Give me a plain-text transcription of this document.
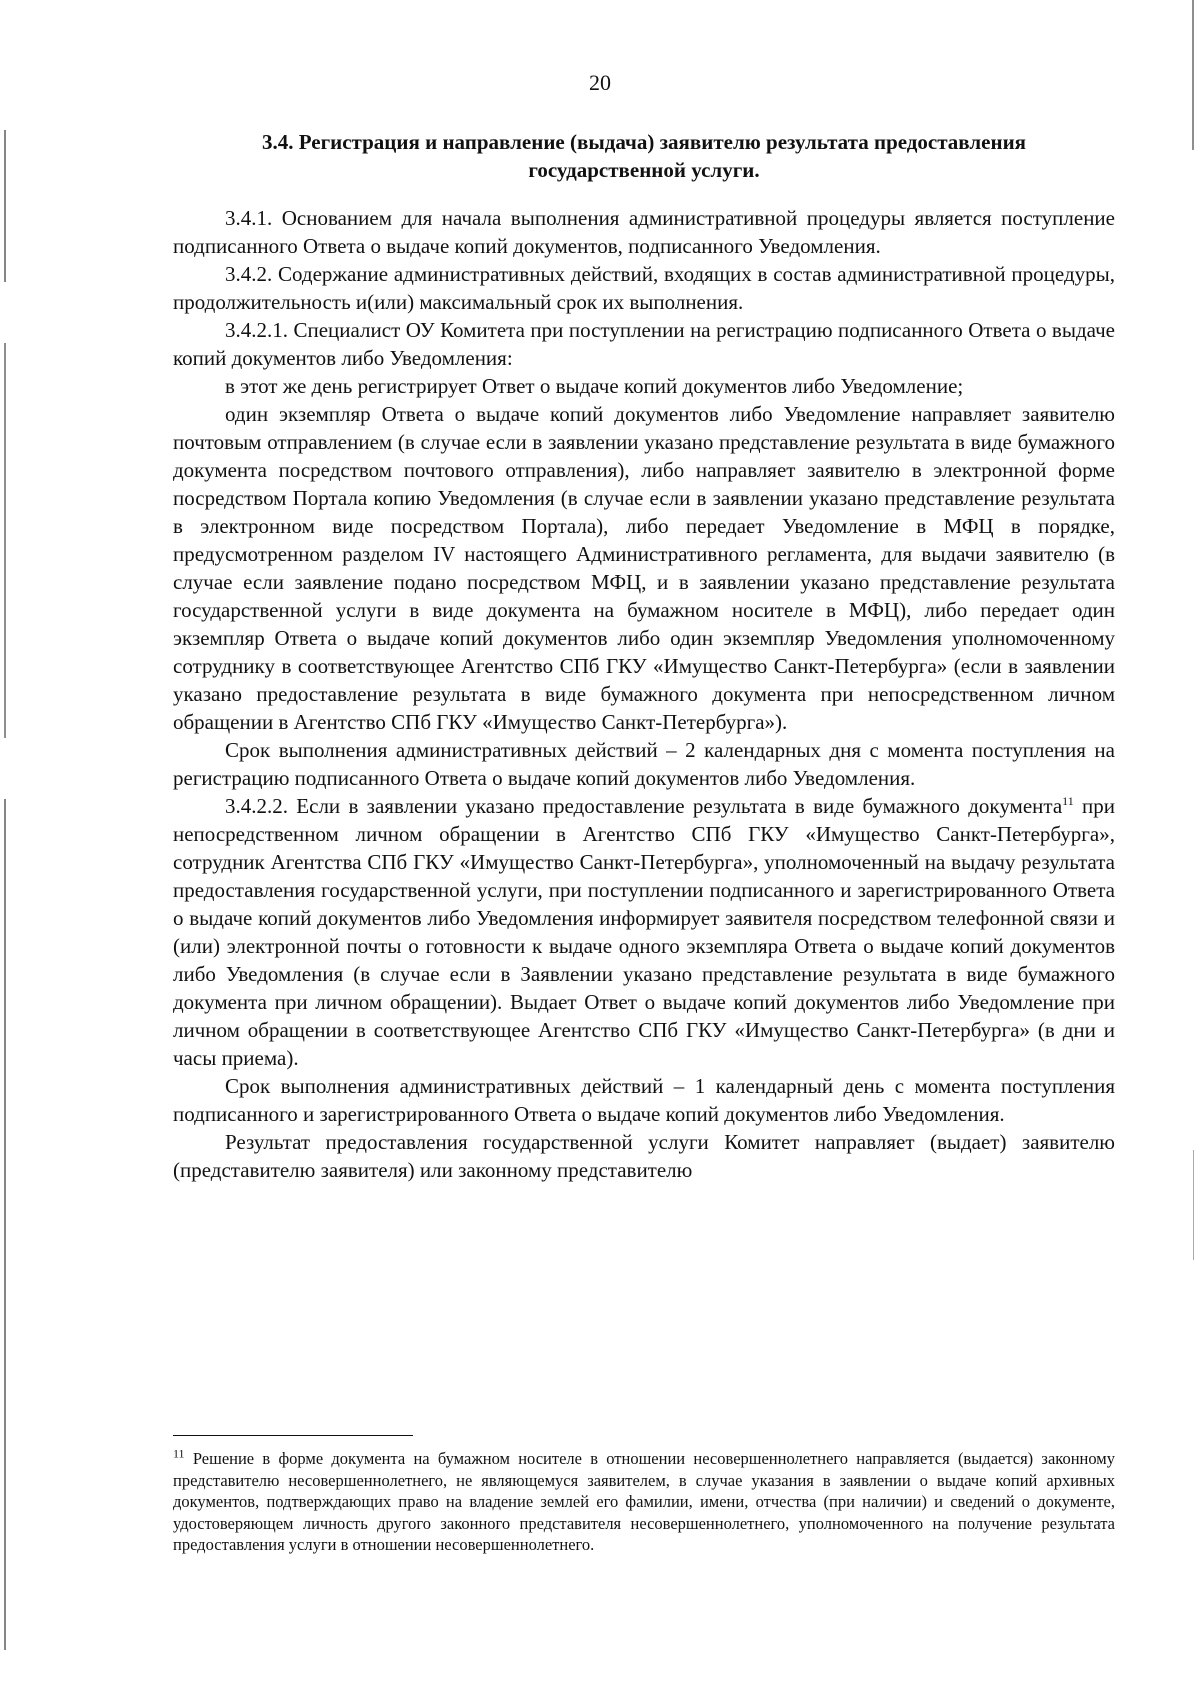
20
3.4. Регистрация и направление (выдача) заявителю результата предоставления
государственной услуги.

3.4.1. Основанием для начала выполнения административной процедуры является поступление подписанного Ответа о выдаче копий документов, подписанного Уведомления.

3.4.2. Содержание административных действий, входящих в состав административной процедуры, продолжительность и(или) максимальный срок их выполнения.

3.4.2.1. Специалист ОУ Комитета при поступлении на регистрацию подписанного Ответа о выдаче копий документов либо Уведомления:

в этот же день регистрирует Ответ о выдаче копий документов либо Уведомление;

один экземпляр Ответа о выдаче копий документов либо Уведомление направляет заявителю почтовым отправлением (в случае если в заявлении указано представление результата в виде бумажного документа посредством почтового отправления), либо направляет заявителю в электронной форме посредством Портала копию Уведомления (в случае если в заявлении указано представление результата в электронном виде посредством Портала), либо передает Уведомление в МФЦ в порядке, предусмотренном разделом IV настоящего Административного регламента, для выдачи заявителю (в случае если заявление подано посредством МФЦ, и в заявлении указано представление результата государственной услуги в виде документа на бумажном носителе в МФЦ), либо передает один экземпляр Ответа о выдаче копий документов либо один экземпляр Уведомления уполномоченному сотруднику в соответствующее Агентство СПб ГКУ «Имущество Санкт-Петербурга» (если в заявлении указано предоставление результата в виде бумажного документа при непосредственном личном обращении в Агентство СПб ГКУ «Имущество Санкт-Петербурга»).

Срок выполнения административных действий – 2 календарных дня с момента поступления на регистрацию подписанного Ответа о выдаче копий документов либо Уведомления.

3.4.2.2. Если в заявлении указано предоставление результата в виде бумажного документа$^{11}$ при непосредственном личном обращении в Агентство СПб ГКУ «Имущество Санкт-Петербурга», сотрудник Агентства СПб ГКУ «Имущество Санкт-Петербурга», уполномоченный на выдачу результата предоставления государственной услуги, при поступлении подписанного и зарегистрированного Ответа о выдаче копий документов либо Уведомления информирует заявителя посредством телефонной связи и (или) электронной почты о готовности к выдаче одного экземпляра Ответа о выдаче копий документов либо Уведомления (в случае если в Заявлении указано представление результата в виде бумажного документа при личном обращении). Выдает Ответ о выдаче копий документов либо Уведомление при личном обращении в соответствующее Агентство СПб ГКУ «Имущество Санкт-Петербурга» (в дни и часы приема).

Срок выполнения административных действий – 1 календарный день с момента поступления подписанного и зарегистрированного Ответа о выдаче копий документов либо Уведомления.

Результат предоставления государственной услуги Комитет направляет (выдает) заявителю (представителю заявителя) или законному представителю

$^{11}$ Решение в форме документа на бумажном носителе в отношении несовершеннолетнего направляется (выдается) законному представителю несовершеннолетнего, не являющемуся заявителем, в случае указания в заявлении о выдаче копий архивных документов, подтверждающих право на владение землей его фамилии, имени, отчества (при наличии) и сведений о документе, удостоверяющем личность другого законного представителя несовершеннолетнего, уполномоченного на получение результата предоставления услуги в отношении несовершеннолетнего.
